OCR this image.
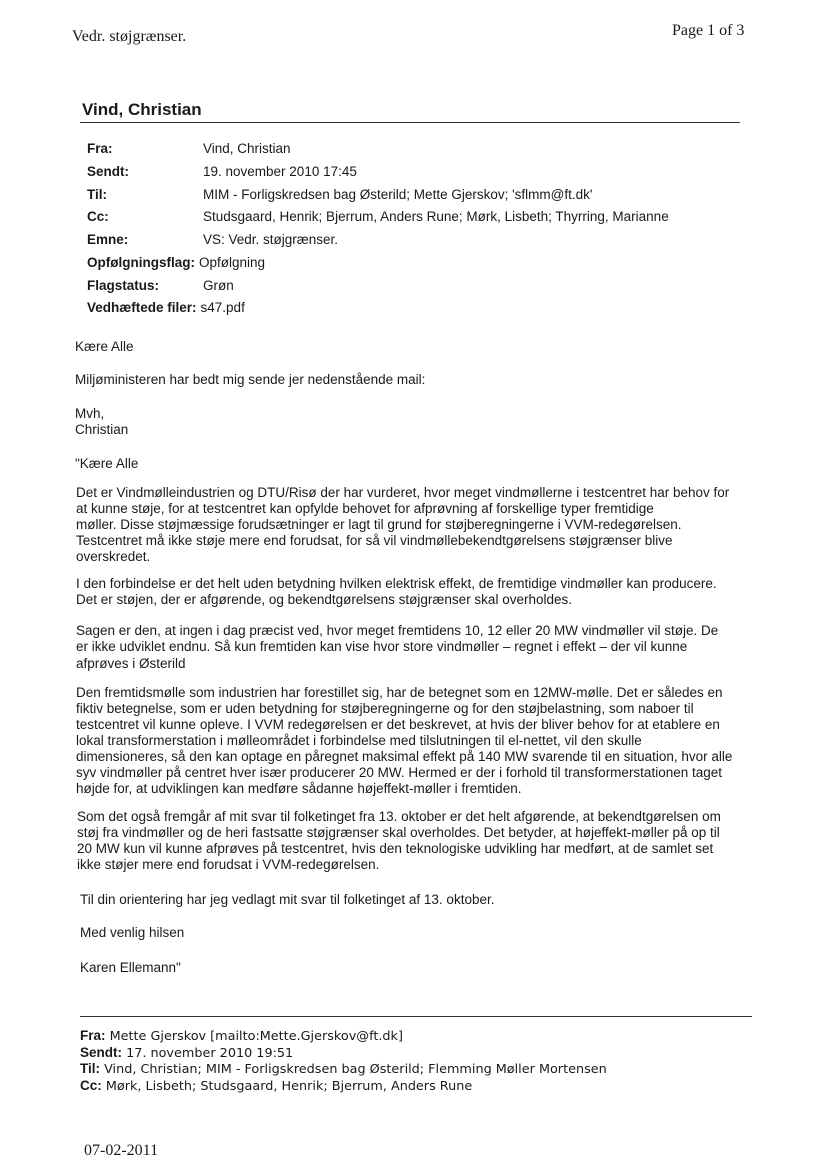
Vedr. støjgrænser.	Page 1 of 3
Vind, Christian
Fra:	Vind, Christian
Sendt:	19. november 2010 17:45
Til:	MIM - Forligskredsen bag Østerild; Mette Gjerskov; 'sflmm@ft.dk'
Cc:	Studsgaard, Henrik; Bjerrum, Anders Rune; Mørk, Lisbeth; Thyrring, Marianne
Emne:	VS: Vedr. støjgrænser.
Opfølgningsflag: Opfølgning
Flagstatus:	Grøn
Vedhæftede filer: s47.pdf
Kære Alle
Miljøministeren har bedt mig sende jer nedenstående mail:
Mvh,
Christian
"Kære Alle
Det er Vindmølleindustrien og DTU/Risø der har vurderet, hvor meget vindmøllerne i testcentret har behov for
at kunne støje, for at testcentret kan opfylde behovet for afprøvning af forskellige typer fremtidige
møller. Disse støjmæssige forudsætninger er lagt til grund for støjberegningerne i VVM-redegørelsen.
Testcentret må ikke støje mere end forudsat, for så vil vindmøllebekendtgørelsens støjgrænser blive
overskredet.
I den forbindelse er det helt uden betydning hvilken elektrisk effekt, de fremtidige vindmøller kan producere.
Det er støjen, der er afgørende, og bekendtgørelsens støjgrænser skal overholdes.
Sagen er den, at ingen i dag præcist ved, hvor meget fremtidens 10, 12 eller 20 MW vindmøller vil støje. De
er ikke udviklet endnu. Så kun fremtiden kan vise hvor store vindmøller – regnet i effekt – der vil kunne
afprøves i Østerild
Den fremtidsmølle som industrien har forestillet sig, har de betegnet som en 12MW-mølle. Det er således en
fiktiv betegnelse, som er uden betydning for støjberegningerne og for den støjbelastning, som naboer til
testcentret vil kunne opleve. I VVM redegørelsen er det beskrevet, at hvis der bliver behov for at etablere en
lokal transformerstation i mølleområdet i forbindelse med tilslutningen til el-nettet, vil den skulle
dimensioneres, så den kan optage en påregnet maksimal effekt på 140 MW svarende til en situation, hvor alle
syv vindmøller på centret hver især producerer 20 MW. Hermed er der i forhold til transformerstationen taget
højde for, at udviklingen kan medføre sådanne højeffekt-møller i fremtiden.
Som det også fremgår af mit svar til folketinget fra 13. oktober er det helt afgørende, at bekendtgørelsen om
støj fra vindmøller og de heri fastsatte støjgrænser skal overholdes. Det betyder, at højeffekt-møller på op til
20 MW kun vil kunne afprøves på testcentret, hvis den teknologiske udvikling har medført, at de samlet set
ikke støjer mere end forudsat i VVM-redegørelsen.
Til din orientering har jeg vedlagt mit svar til folketinget af 13. oktober.
Med venlig hilsen
Karen Ellemann"
Fra: Mette Gjerskov [mailto:Mette.Gjerskov@ft.dk]
Sendt: 17. november 2010 19:51
Til: Vind, Christian; MIM - Forligskredsen bag Østerild; Flemming Møller Mortensen
Cc: Mørk, Lisbeth; Studsgaard, Henrik; Bjerrum, Anders Rune
07-02-2011
